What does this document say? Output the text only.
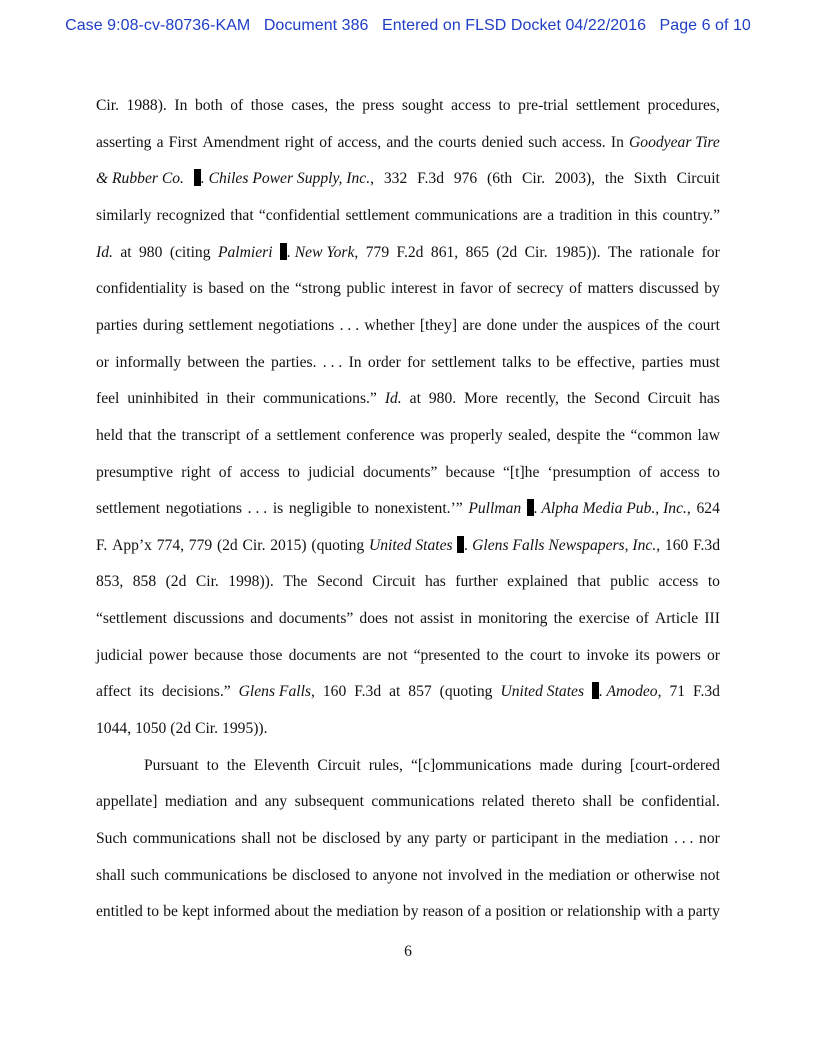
Case 9:08-cv-80736-KAM Document 386 Entered on FLSD Docket 04/22/2016 Page 6 of 10
Cir. 1988). In both of those cases, the press sought access to pre-trial settlement procedures,
asserting a First Amendment right of access, and the courts denied such access. In Goodyear Tire
& Rubber Co.	. Chiles Power Supply, Inc., 332 F.3d 976 (6th Cir. 2003), the Sixth Circuit
similarly recognized that “confidential settlement communications are a tradition in this country.”
Id. at 980 (citing Palmieri . New York, 779 F.2d 861, 865 (2d Cir. 1985)). The rationale for
confidentiality is based on the “strong public interest in favor of secrecy of matters discussed by
parties during settlement negotiations . . . whether [they] are done under the auspices of the court
or informally between the parties. . . . In order for settlement talks to be effective, parties must
feel uninhibited in their communications.” Id. at 980. More recently, the Second Circuit has
held that the transcript of a settlement conference was properly sealed, despite the “common law
presumptive right of access to judicial documents” because “[t]he ‘presumption of access to
settlement negotiations . . . is negligible to nonexistent.’” Pullman . Alpha Media Pub., Inc., 624
F. App’x 774, 779 (2d Cir. 2015) (quoting United States . Glens Falls Newspapers, Inc., 160 F.3d
853, 858 (2d Cir. 1998)). The Second Circuit has further explained that public access to
“settlement discussions and documents” does not assist in monitoring the exercise of Article III
judicial power because those documents are not “presented to the court to invoke its powers or
affect its decisions.” Glens Falls, 160 F.3d at 857 (quoting United States . Amodeo, 71 F.3d
1044, 1050 (2d Cir. 1995)).
Pursuant to the Eleventh Circuit rules, “[c]ommunications made during [court-ordered
appellate] mediation and any subsequent communications related thereto shall be confidential.
Such communications shall not be disclosed by any party or participant in the mediation . . . nor
shall such communications be disclosed to anyone not involved in the mediation or otherwise not
entitled to be kept informed about the mediation by reason of a position or relationship with a party
6
